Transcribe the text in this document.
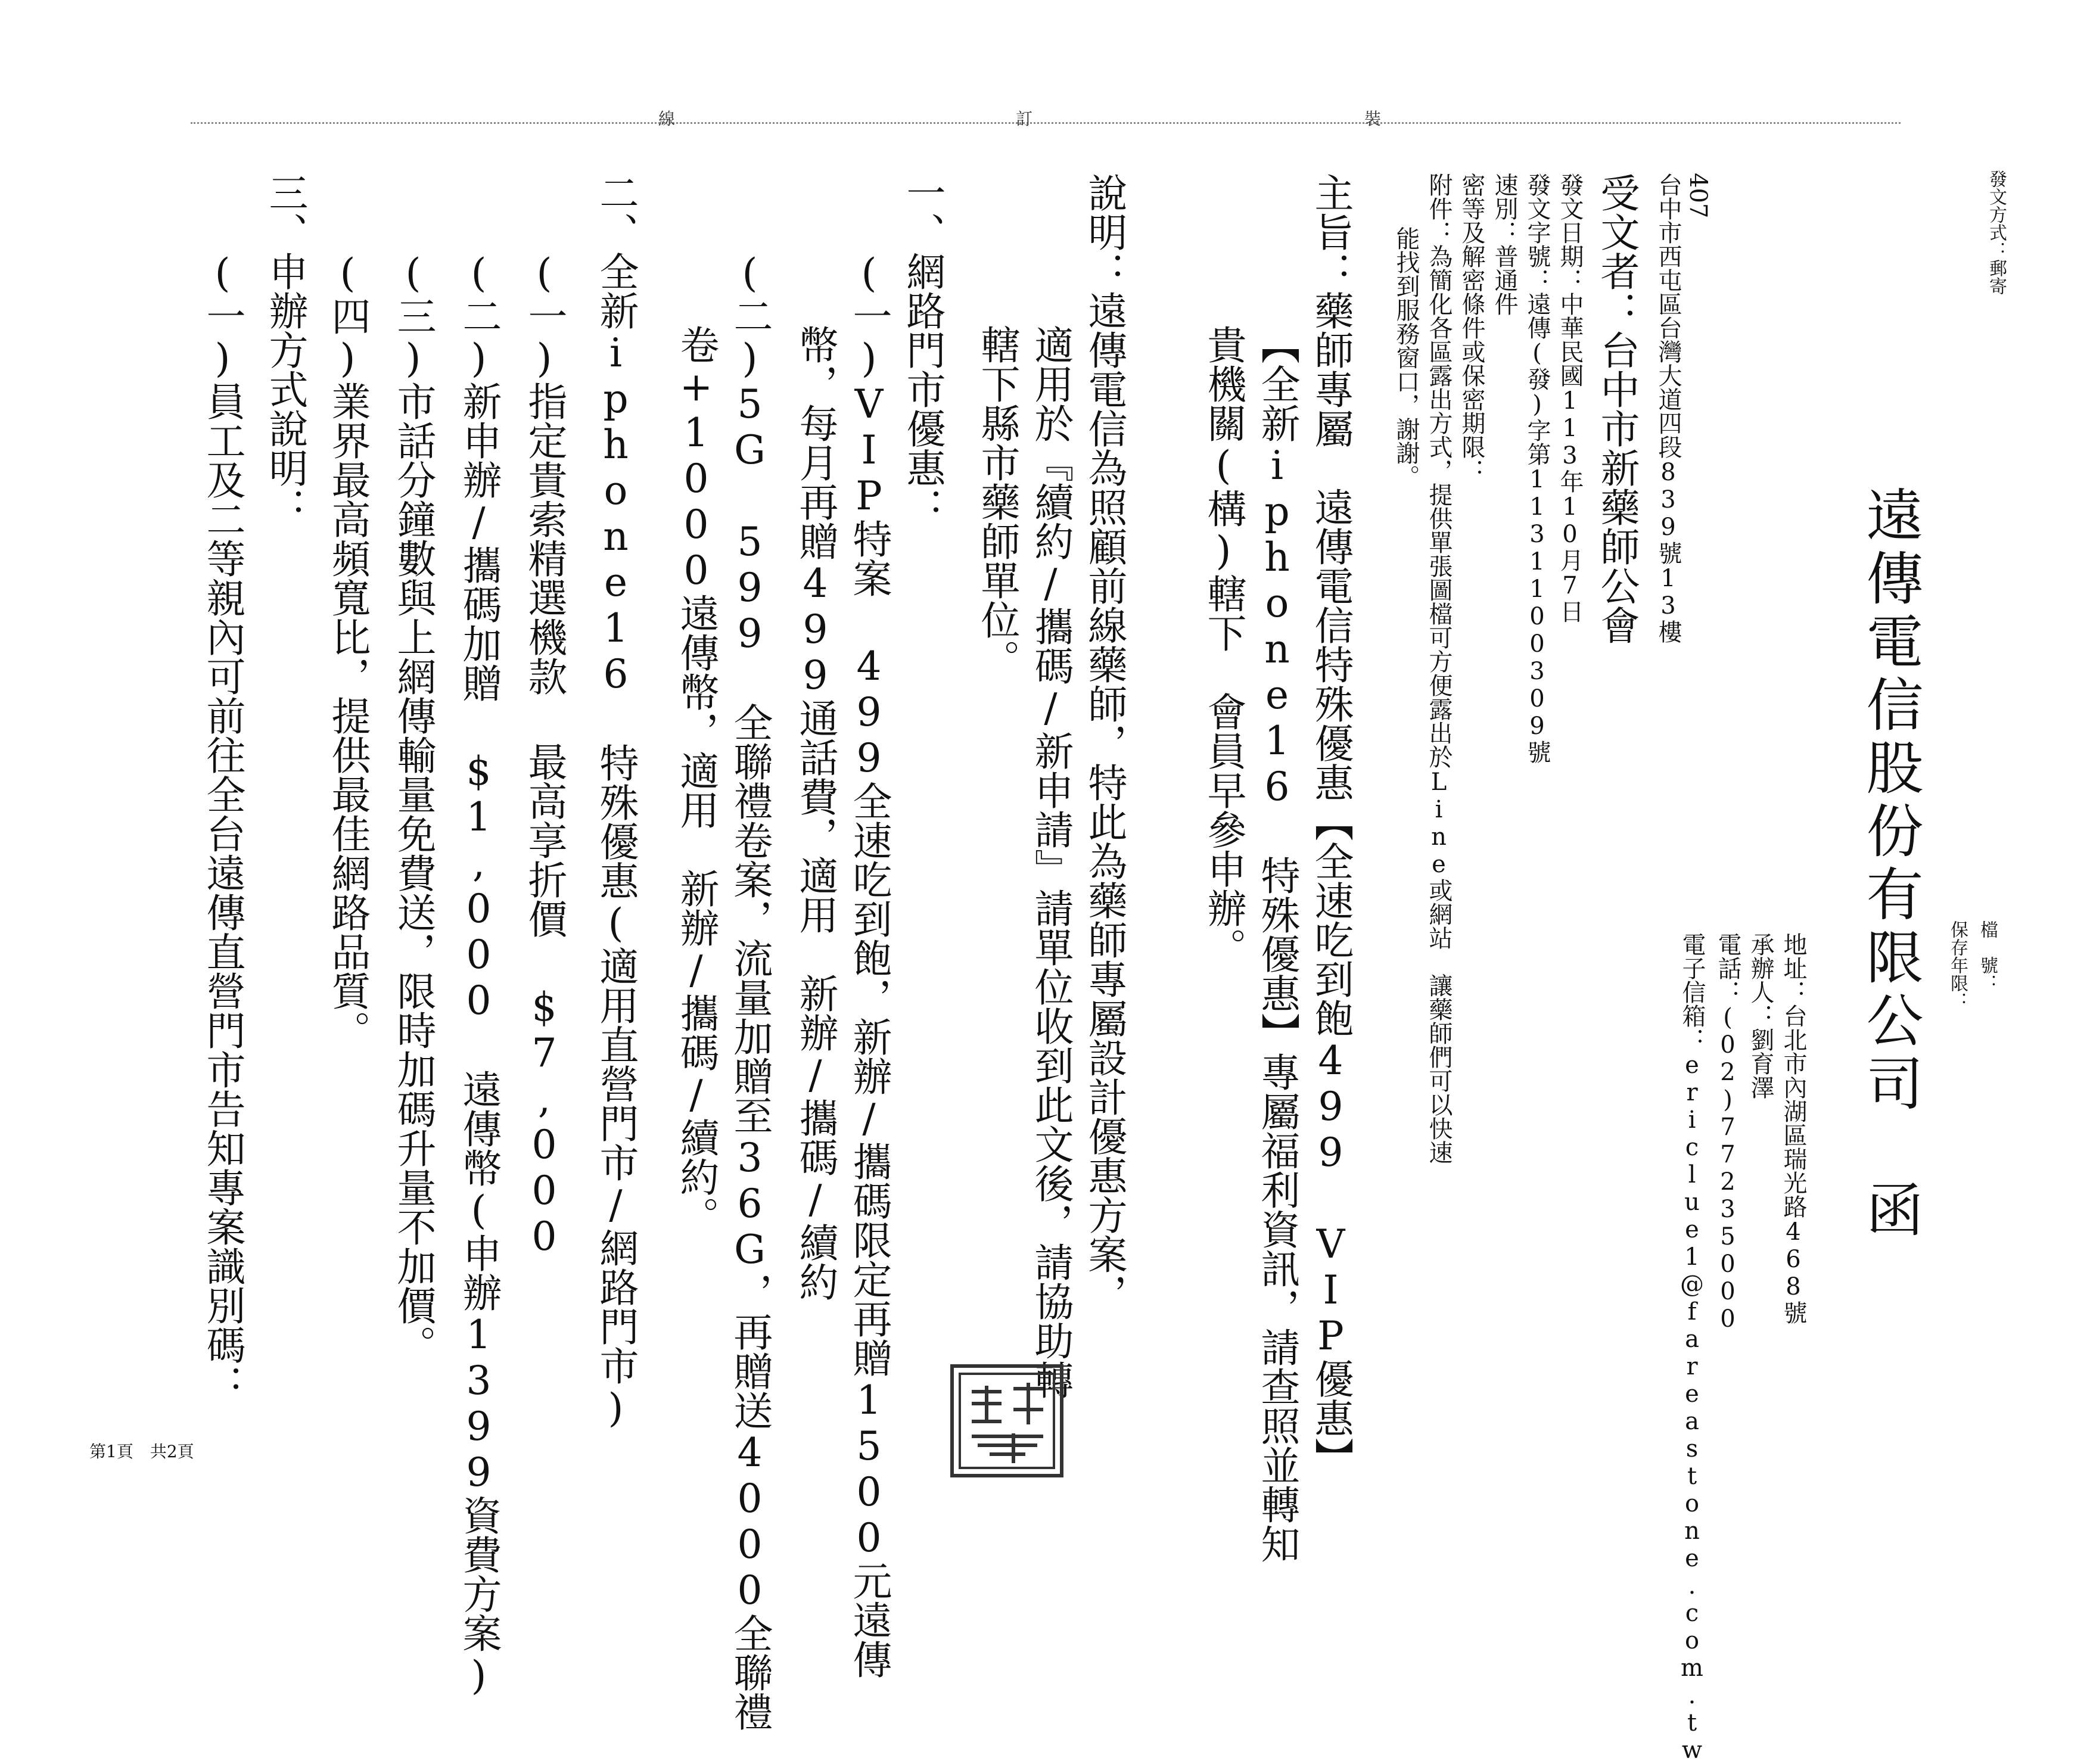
發文方式：郵寄
檔　號：
保存年限：
遠傳電信股份有限公司　函
地址：台北市內湖區瑞光路468號
承辦人：劉育澤
電話：(02)77235000
電子信箱：ericlue1@fareastone.com.tw
裝
訂
線
407
台中市西屯區台灣大道四段839號13樓
受文者：台中市新藥師公會
發文日期：中華民國113年10月7日
發文字號：遠傳(發)字第1131100309號
速別：普通件
密等及解密條件或保密期限：
附件：為簡化各區露出方式，提供單張圖檔可方便露出於Line或網站　讓藥師們可以快速
能找到服務窗口，謝謝。
主旨：藥師專屬　遠傳電信特殊優惠【全速吃到飽499 VIP優惠】
【全新iphone16 特殊優惠】專屬福利資訊，請查照並轉知
貴機關(構)轄下　會員早參申辦。
說明：遠傳電信為照顧前線藥師，特此為藥師專屬設計優惠方案，
適用於『續約/攜碼/新申請』請單位收到此文後，請協助轉
轄下縣市藥師單位。
一、網路門市優惠：
(一)VIP特案 499全速吃到飽，新辦/攜碼限定再贈1500元遠傳
幣，每月再贈499通話費，適用　新辦/攜碼/續約
(二)5G 599 全聯禮卷案，流量加贈至36G，再贈送4000全聯禮
卷+1000遠傳幣，適用　新辦/攜碼/續約。
二、全新iphone16 特殊優惠(適用直營門市/網路門市)
(一)指定貴索精選機款 最高享折價 $7,000
(二)新申辦/攜碼加贈 $1,000 遠傳幣(申辦1399資費方案)
(三)市話分鐘數與上網傳輸量免費送，限時加碼升量不加價。
(四)業界最高頻寬比，提供最佳網路品質。
三、申辦方式說明：
(一)員工及二等親內可前往全台遠傳直營門市告知專案識別碼：
第1頁　共2頁
